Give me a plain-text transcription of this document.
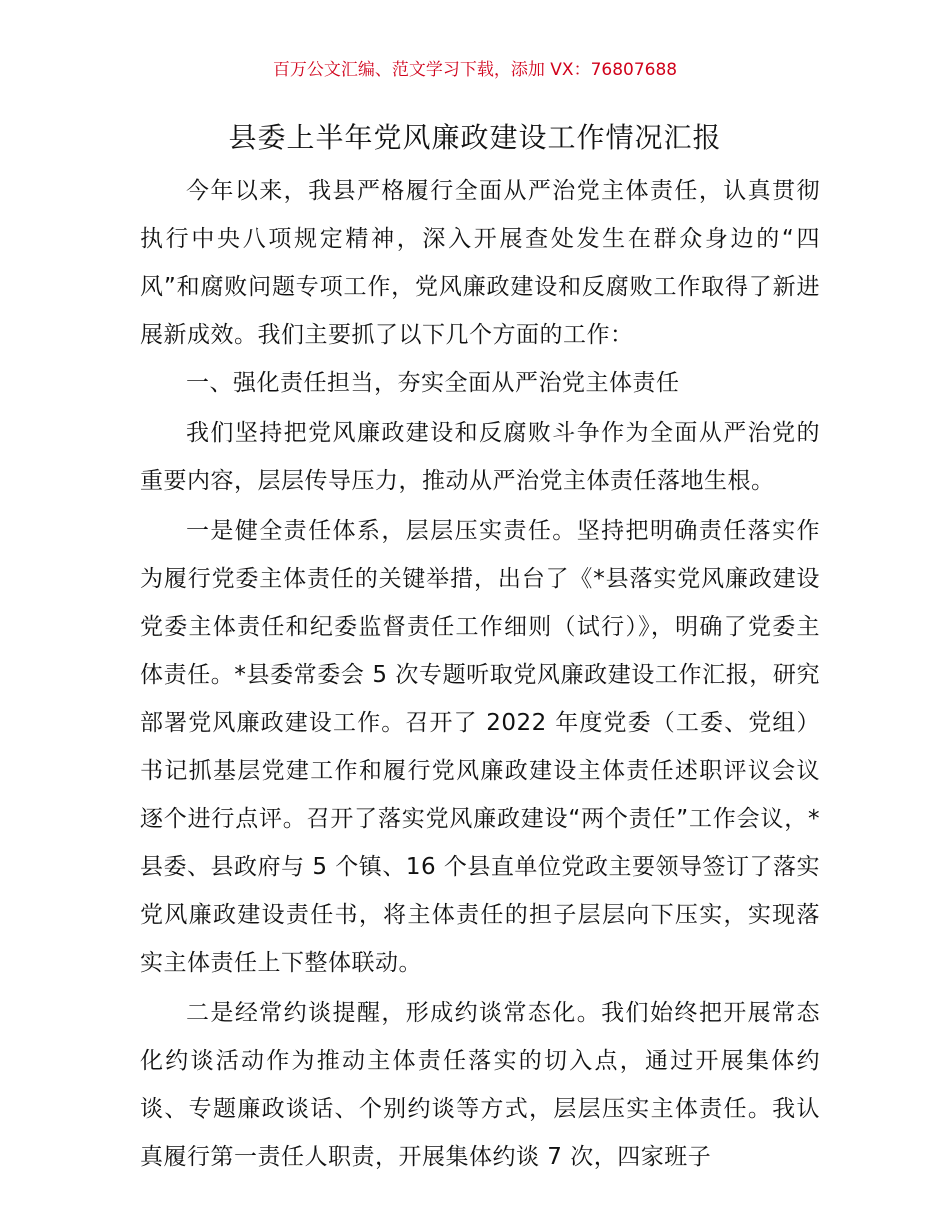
百万公文汇编、范文学习下载，添加 VX：76807688
县委上半年党风廉政建设工作情况汇报

今年以来，我县严格履行全面从严治党主体责任，认真贯彻执行中央八项规定精神，深入开展查处发生在群众身边的“四风”和腐败问题专项工作，党风廉政建设和反腐败工作取得了新进展新成效。我们主要抓了以下几个方面的工作：

一、强化责任担当，夯实全面从严治党主体责任

我们坚持把党风廉政建设和反腐败斗争作为全面从严治党的重要内容，层层传导压力，推动从严治党主体责任落地生根。

一是健全责任体系，层层压实责任。坚持把明确责任落实作为履行党委主体责任的关键举措，出台了《*县落实党风廉政建设党委主体责任和纪委监督责任工作细则（试行）》，明确了党委主体责任。*县委常委会 5 次专题听取党风廉政建设工作汇报，研究部署党风廉政建设工作。召开了 2022 年度党委（工委、党组）书记抓基层党建工作和履行党风廉政建设主体责任述职评议会议逐个进行点评。召开了落实党风廉政建设“两个责任”工作会议，*县委、县政府与 5 个镇、16 个县直单位党政主要领导签订了落实党风廉政建设责任书，将主体责任的担子层层向下压实，实现落实主体责任上下整体联动。

二是经常约谈提醒，形成约谈常态化。我们始终把开展常态化约谈活动作为推动主体责任落实的切入点，通过开展集体约谈、专题廉政谈话、个别约谈等方式，层层压实主体责任。我认真履行第一责任人职责，开展集体约谈 7 次，四家班子
